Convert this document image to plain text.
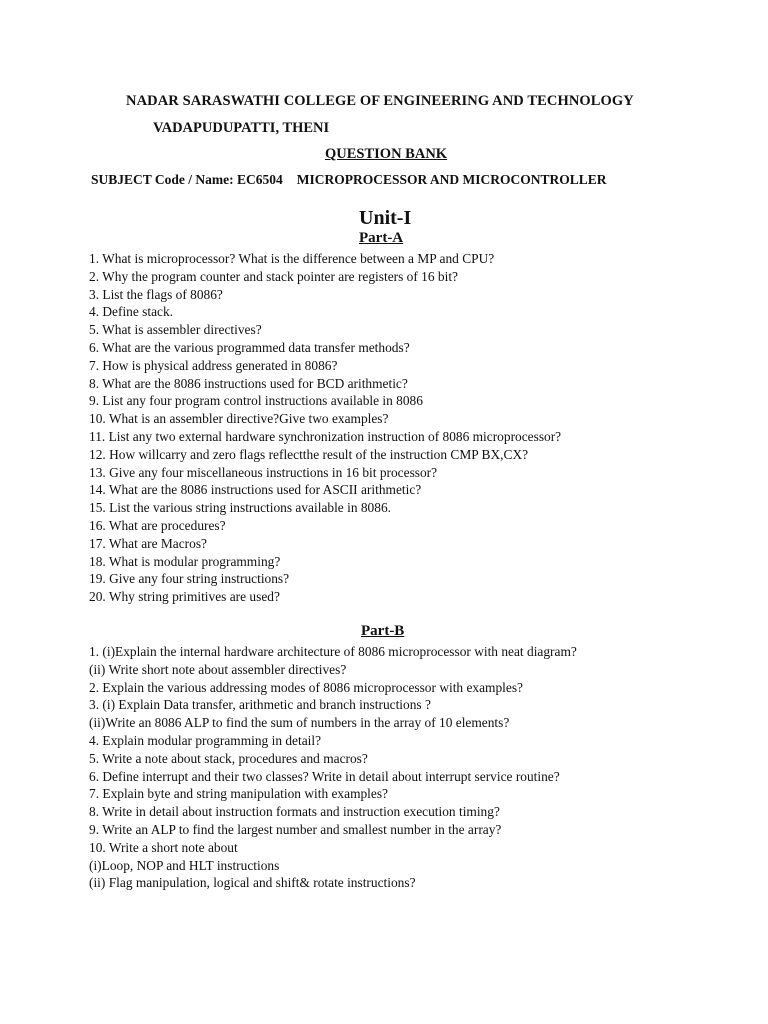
NADAR SARASWATHI COLLEGE OF ENGINEERING AND TECHNOLOGY
VADAPUDUPATTI, THENI
QUESTION BANK
SUBJECT Code / Name: EC6504 MICROPROCESSOR AND MICROCONTROLLER
Unit-I
Part-A
1. What is microprocessor? What is the difference between a MP and CPU?
2. Why the program counter and stack pointer are registers of 16 bit?
3. List the flags of 8086?
4. Define stack.
5. What is assembler directives?
6. What are the various programmed data transfer methods?
7. How is physical address generated in 8086?
8. What are the 8086 instructions used for BCD arithmetic?
9. List any four program control instructions available in 8086
10. What is an assembler directive?Give two examples?
11. List any two external hardware synchronization instruction of 8086 microprocessor?
12. How willcarry and zero flags reflectthe result of the instruction CMP BX,CX?
13. Give any four miscellaneous instructions in 16 bit processor?
14. What are the 8086 instructions used for ASCII arithmetic?
15. List the various string instructions available in 8086.
16. What are procedures?
17. What are Macros?
18. What is modular programming?
19. Give any four string instructions?
20. Why string primitives are used?
Part-B
1. (i)Explain the internal hardware architecture of 8086 microprocessor with neat diagram?
(ii) Write short note about assembler directives?
2. Explain the various addressing modes of 8086 microprocessor with examples?
3. (i) Explain Data transfer, arithmetic and branch instructions ?
(ii)Write an 8086 ALP to find the sum of numbers in the array of 10 elements?
4. Explain modular programming in detail?
5. Write a note about stack, procedures and macros?
6. Define interrupt and their two classes? Write in detail about interrupt service routine?
7. Explain byte and string manipulation with examples?
8. Write in detail about instruction formats and instruction execution timing?
9. Write an ALP to find the largest number and smallest number in the array?
10. Write a short note about
(i)Loop, NOP and HLT instructions
(ii) Flag manipulation, logical and shift& rotate instructions?
